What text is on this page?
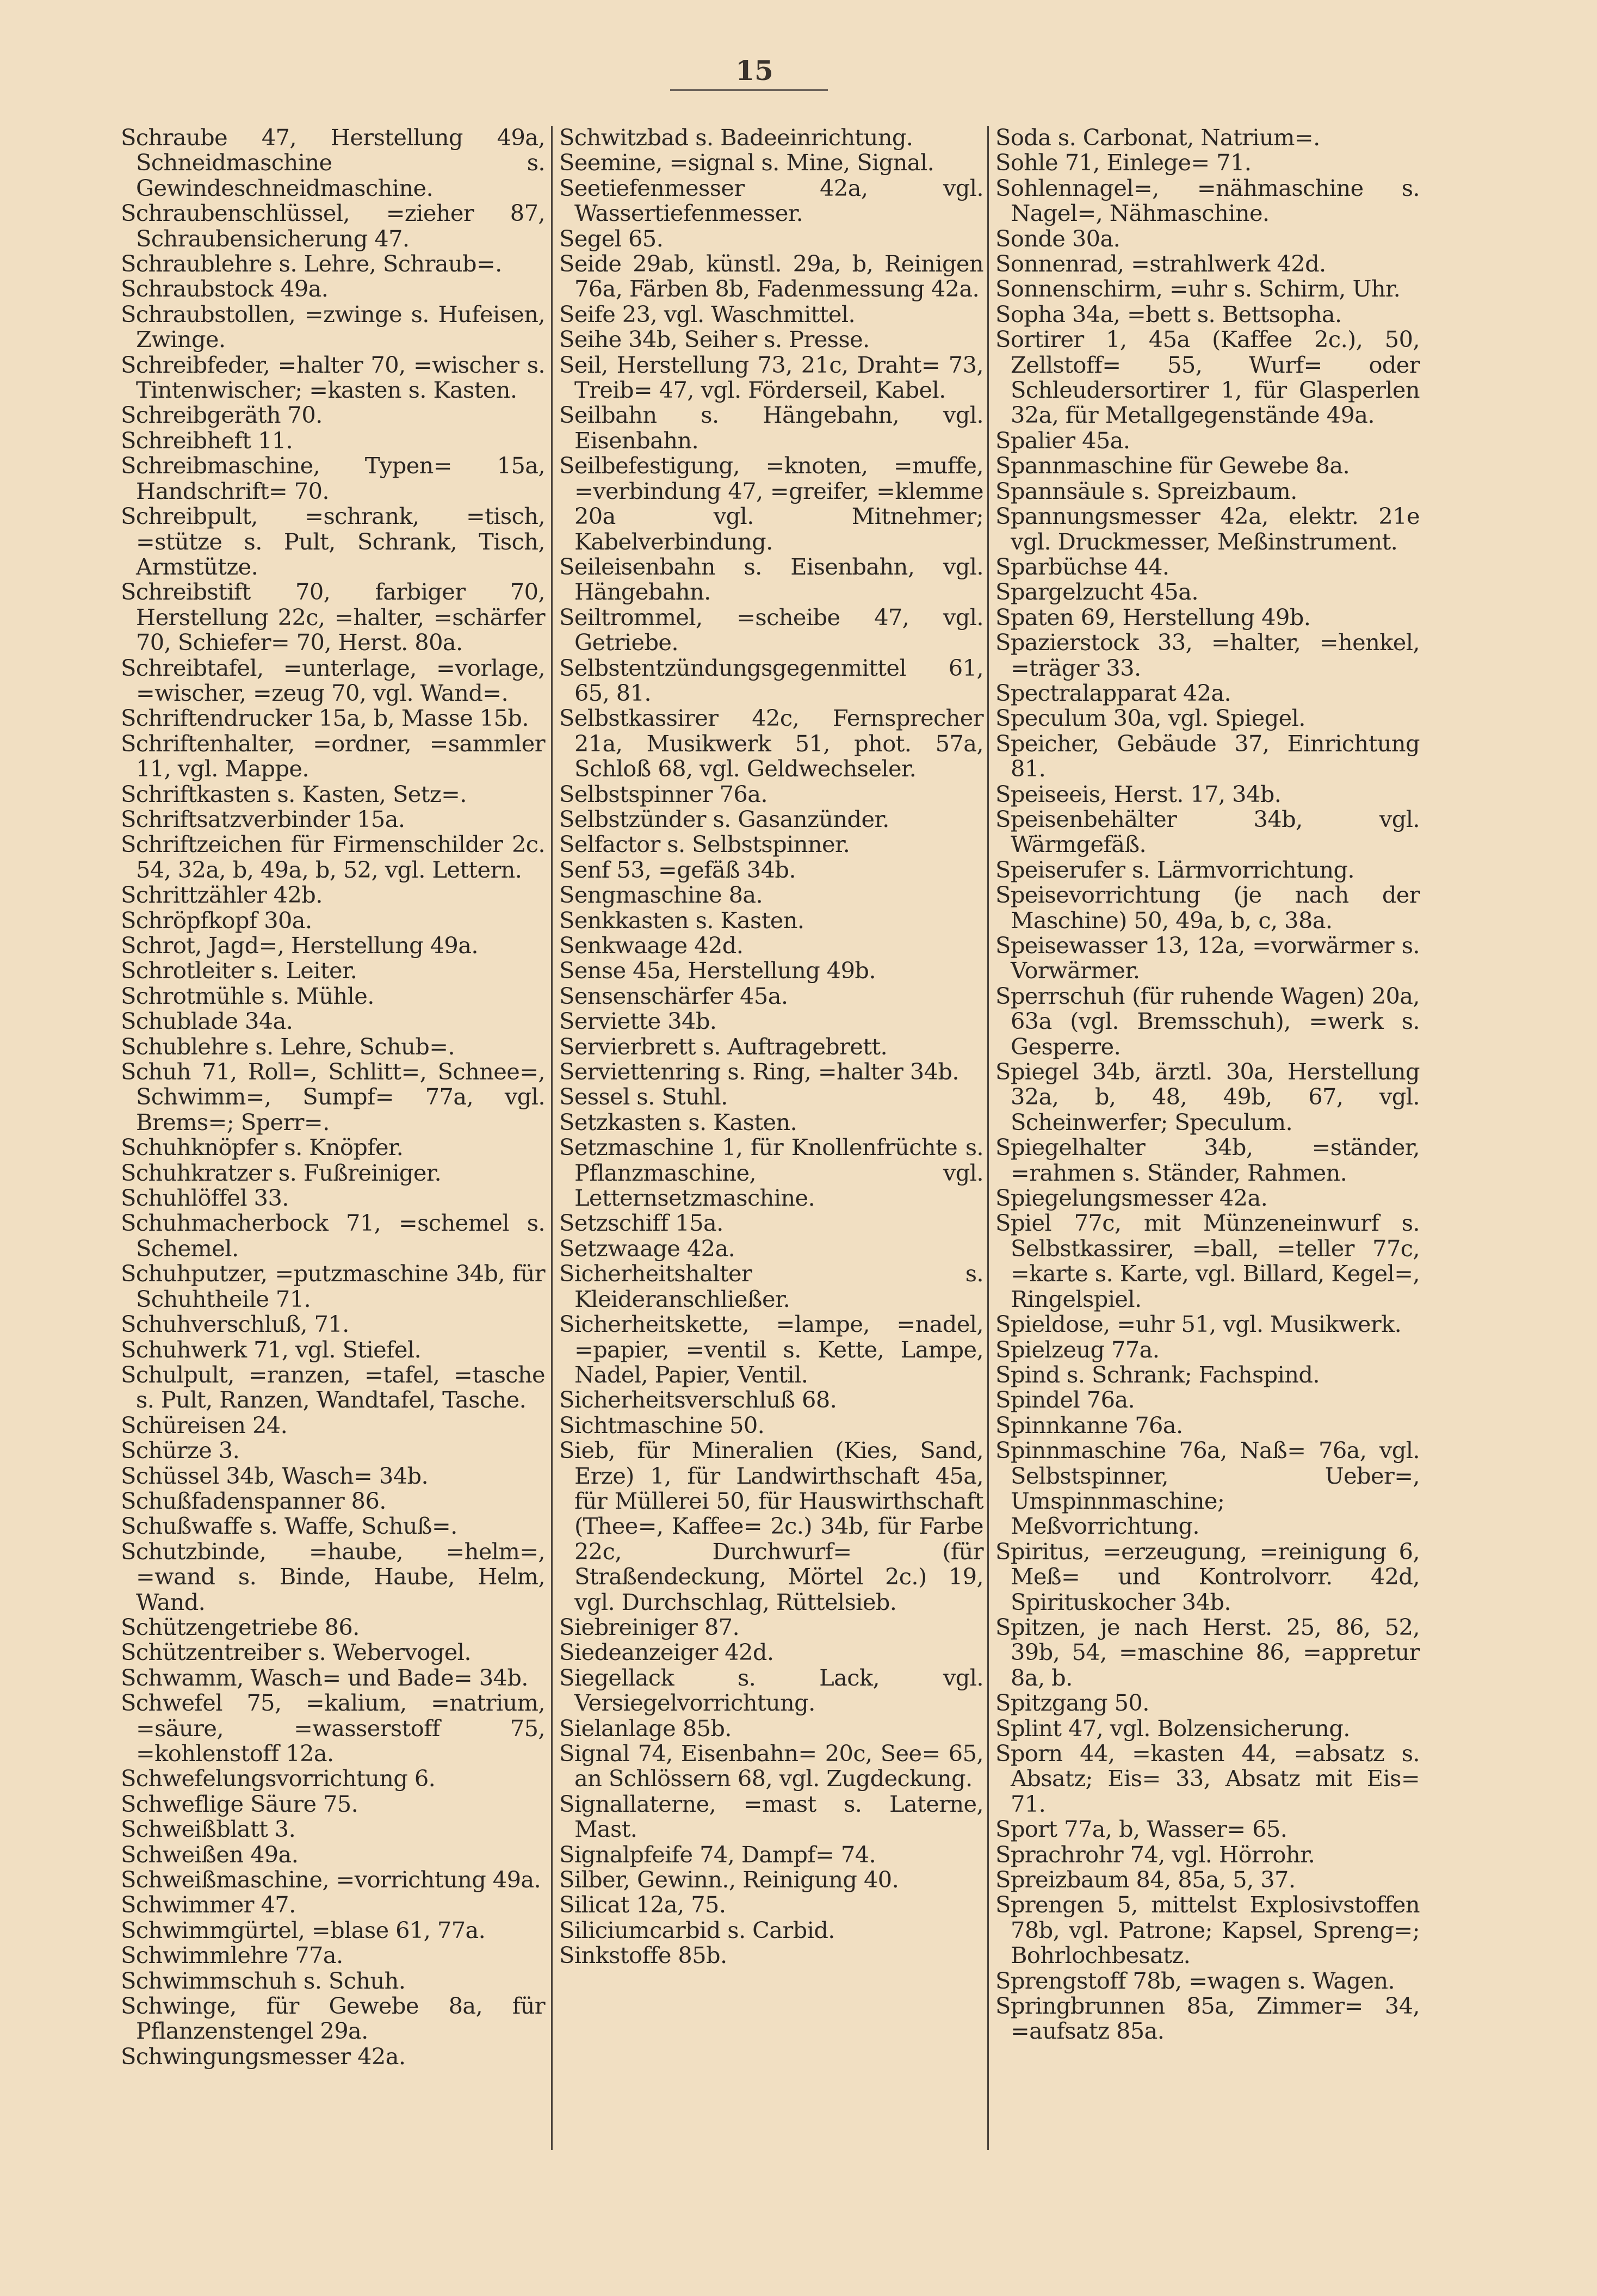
15

Schraube 47, Herstellung 49a, Schneidmaschine s. Gewindeschneidmaschine.

Schraubenschlüssel, =zieher 87, Schraubensicherung 47.

Schraublehre s. Lehre, Schraub=.

Schraubstock 49a.

Schraubstollen, =zwinge s. Hufeisen, Zwinge.

Schreibfeder, =halter 70, =wischer s. Tintenwischer; =kasten s. Kasten.

Schreibgeräth 70.

Schreibheft 11.

Schreibmaschine, Typen= 15a, Handschrift= 70.

Schreibpult, =schrank, =tisch, =stütze s. Pult, Schrank, Tisch, Armstütze.

Schreibstift 70, farbiger 70, Herstellung 22c, =halter, =schärfer 70, Schiefer= 70, Herst. 80a.

Schreibtafel, =unterlage, =vorlage, =wischer, =zeug 70, vgl. Wand=.

Schriftendrucker 15a, b, Masse 15b.

Schriftenhalter, =ordner, =sammler 11, vgl. Mappe.

Schriftkasten s. Kasten, Setz=.

Schriftsatzverbinder 15a.

Schriftzeichen für Firmenschilder 2c. 54, 32a, b, 49a, b, 52, vgl. Lettern.

Schrittzähler 42b.

Schröpfkopf 30a.

Schrot, Jagd=, Herstellung 49a.

Schrotleiter s. Leiter.

Schrotmühle s. Mühle.

Schublade 34a.

Schublehre s. Lehre, Schub=.

Schuh 71, Roll=, Schlitt=, Schnee=, Schwimm=, Sumpf= 77a, vgl. Brems=; Sperr=.

Schuhknöpfer s. Knöpfer.

Schuhkratzer s. Fußreiniger.

Schuhlöffel 33.

Schuhmacherbock 71, =schemel s. Schemel.

Schuhputzer, =putzmaschine 34b, für Schuhtheile 71.

Schuhverschluß, 71.

Schuhwerk 71, vgl. Stiefel.

Schulpult, =ranzen, =tafel, =tasche s. Pult, Ranzen, Wandtafel, Tasche.

Schüreisen 24.

Schürze 3.

Schüssel 34b, Wasch= 34b.

Schußfadenspanner 86.

Schußwaffe s. Waffe, Schuß=.

Schutzbinde, =haube, =helm=, =wand s. Binde, Haube, Helm, Wand.

Schützengetriebe 86.

Schützentreiber s. Webervogel.

Schwamm, Wasch= und Bade= 34b.

Schwefel 75, =kalium, =natrium, =säure, =wasserstoff 75, =kohlenstoff 12a.

Schwefelungsvorrichtung 6.

Schweflige Säure 75.

Schweißblatt 3.

Schweißen 49a.

Schweißmaschine, =vorrichtung 49a.

Schwimmer 47.

Schwimmgürtel, =blase 61, 77a.

Schwimmlehre 77a.

Schwimmschuh s. Schuh.

Schwinge, für Gewebe 8a, für Pflanzenstengel 29a.

Schwingungsmesser 42a.

Schwitzbad s. Badeeinrichtung.

Seemine, =signal s. Mine, Signal.

Seetiefenmesser 42a, vgl. Wassertiefenmesser.

Segel 65.

Seide 29ab, künstl. 29a, b, Reinigen 76a, Färben 8b, Fadenmessung 42a.

Seife 23, vgl. Waschmittel.

Seihe 34b, Seiher s. Presse.

Seil, Herstellung 73, 21c, Draht= 73, Treib= 47, vgl. Förderseil, Kabel.

Seilbahn s. Hängebahn, vgl. Eisenbahn.

Seilbefestigung, =knoten, =muffe, =verbindung 47, =greifer, =klemme 20a vgl. Mitnehmer; Kabelverbindung.

Seileisenbahn s. Eisenbahn, vgl. Hängebahn.

Seiltrommel, =scheibe 47, vgl. Getriebe.

Selbstentzündungsgegenmittel 61, 65, 81.

Selbstkassirer 42c, Fernsprecher 21a, Musikwerk 51, phot. 57a, Schloß 68, vgl. Geldwechseler.

Selbstspinner 76a.

Selbstzünder s. Gasanzünder.

Selfactor s. Selbstspinner.

Senf 53, =gefäß 34b.

Sengmaschine 8a.

Senkkasten s. Kasten.

Senkwaage 42d.

Sense 45a, Herstellung 49b.

Sensenschärfer 45a.

Serviette 34b.

Servierbrett s. Auftragebrett.

Serviettenring s. Ring, =halter 34b.

Sessel s. Stuhl.

Setzkasten s. Kasten.

Setzmaschine 1, für Knollenfrüchte s. Pflanzmaschine, vgl. Letternsetzmaschine.

Setzschiff 15a.

Setzwaage 42a.

Sicherheitshalter s. Kleideranschließer.

Sicherheitskette, =lampe, =nadel, =papier, =ventil s. Kette, Lampe, Nadel, Papier, Ventil.

Sicherheitsverschluß 68.

Sichtmaschine 50.

Sieb, für Mineralien (Kies, Sand, Erze) 1, für Landwirthschaft 45a, für Müllerei 50, für Hauswirthschaft (Thee=, Kaffee= 2c.) 34b, für Farbe 22c, Durchwurf= (für Straßendeckung, Mörtel 2c.) 19, vgl. Durchschlag, Rüttelsieb.

Siebreiniger 87.

Siedeanzeiger 42d.

Siegellack s. Lack, vgl. Versiegelvorrichtung.

Sielanlage 85b.

Signal 74, Eisenbahn= 20c, See= 65, an Schlössern 68, vgl. Zugdeckung.

Signallaterne, =mast s. Laterne, Mast.

Signalpfeife 74, Dampf= 74.

Silber, Gewinn., Reinigung 40.

Silicat 12a, 75.

Siliciumcarbid s. Carbid.

Sinkstoffe 85b.

Soda s. Carbonat, Natrium=.

Sohle 71, Einlege= 71.

Sohlennagel=, =nähmaschine s. Nagel=, Nähmaschine.

Sonde 30a.

Sonnenrad, =strahlwerk 42d.

Sonnenschirm, =uhr s. Schirm, Uhr.

Sopha 34a, =bett s. Bettsopha.

Sortirer 1, 45a (Kaffee 2c.), 50, Zellstoff= 55, Wurf= oder Schleudersortirer 1, für Glasperlen 32a, für Metallgegenstände 49a.

Spalier 45a.

Spannmaschine für Gewebe 8a.

Spannsäule s. Spreizbaum.

Spannungsmesser 42a, elektr. 21e vgl. Druckmesser, Meßinstrument.

Sparbüchse 44.

Spargelzucht 45a.

Spaten 69, Herstellung 49b.

Spazierstock 33, =halter, =henkel, =träger 33.

Spectralapparat 42a.

Speculum 30a, vgl. Spiegel.

Speicher, Gebäude 37, Einrichtung 81.

Speiseeis, Herst. 17, 34b.

Speisenbehälter 34b, vgl. Wärmgefäß.

Speiserufer s. Lärmvorrichtung.

Speisevorrichtung (je nach der Maschine) 50, 49a, b, c, 38a.

Speisewasser 13, 12a, =vorwärmer s. Vorwärmer.

Sperrschuh (für ruhende Wagen) 20a, 63a (vgl. Bremsschuh), =werk s. Gesperre.

Spiegel 34b, ärztl. 30a, Herstellung 32a, b, 48, 49b, 67, vgl. Scheinwerfer; Speculum.

Spiegelhalter 34b, =ständer, =rahmen s. Ständer, Rahmen.

Spiegelungsmesser 42a.

Spiel 77c, mit Münzeneinwurf s. Selbstkassirer, =ball, =teller 77c, =karte s. Karte, vgl. Billard, Kegel=, Ringelspiel.

Spieldose, =uhr 51, vgl. Musikwerk.

Spielzeug 77a.

Spind s. Schrank; Fachspind.

Spindel 76a.

Spinnkanne 76a.

Spinnmaschine 76a, Naß= 76a, vgl. Selbstspinner, Ueber=, Umspinnmaschine; Meßvorrichtung.

Spiritus, =erzeugung, =reinigung 6, Meß= und Kontrolvorr. 42d, Spirituskocher 34b.

Spitzen, je nach Herst. 25, 86, 52, 39b, 54, =maschine 86, =appretur 8a, b.

Spitzgang 50.

Splint 47, vgl. Bolzensicherung.

Sporn 44, =kasten 44, =absatz s. Absatz; Eis= 33, Absatz mit Eis= 71.

Sport 77a, b, Wasser= 65.

Sprachrohr 74, vgl. Hörrohr.

Spreizbaum 84, 85a, 5, 37.

Sprengen 5, mittelst Explosivstoffen 78b, vgl. Patrone; Kapsel, Spreng=; Bohrlochbesatz.

Sprengstoff 78b, =wagen s. Wagen.

Springbrunnen 85a, Zimmer= 34, =aufsatz 85a.
